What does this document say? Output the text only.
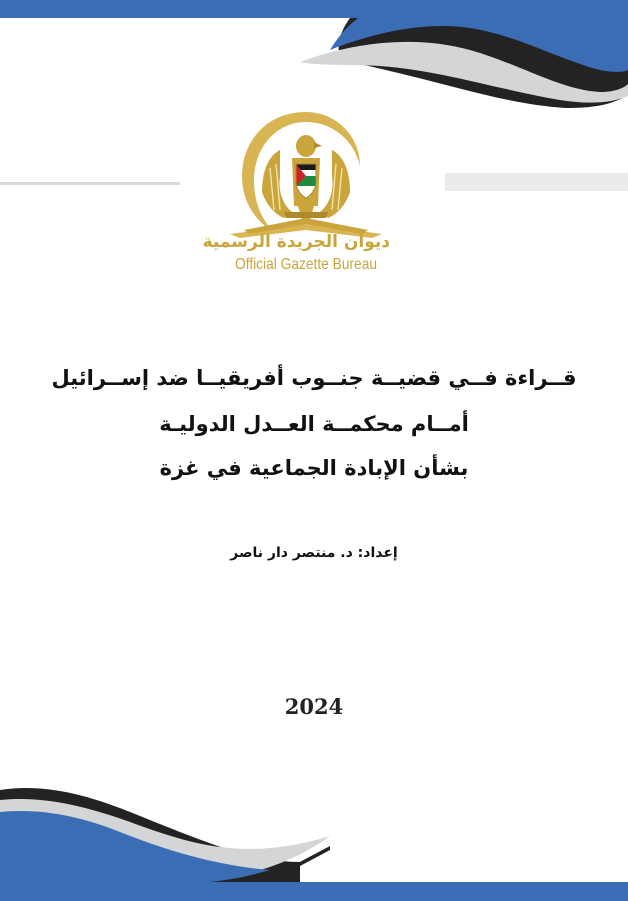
ديوان الجريدة الرسمية
Official Gazette Bureau
قــراءة فــي قضيــة جنــوب أفريقيــا ضد إســرائيل
أمــام محكمــة العــدل الدوليـة
بشأن الإبادة الجماعية في غزة
إعداد: د. منتصر دار ناصر
2024
